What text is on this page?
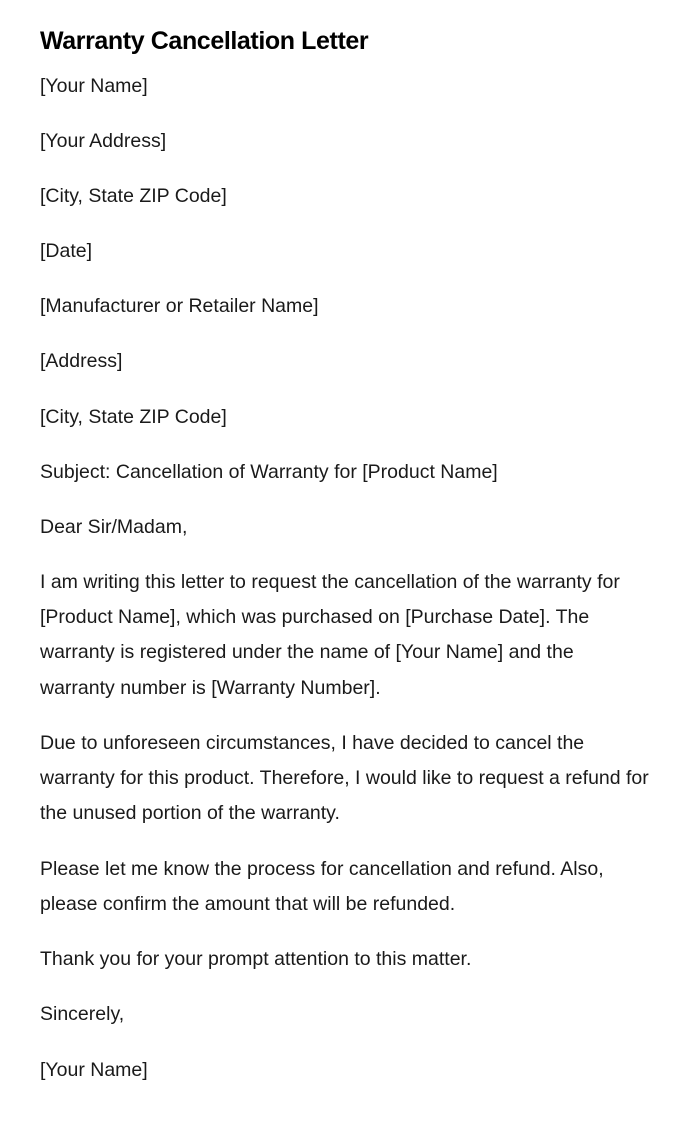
Warranty Cancellation Letter

[Your Name]

[Your Address]

[City, State ZIP Code]

[Date]

[Manufacturer or Retailer Name]

[Address]

[City, State ZIP Code]

Subject: Cancellation of Warranty for [Product Name]

Dear Sir/Madam,

I am writing this letter to request the cancellation of the warranty for [Product Name], which was purchased on [Purchase Date]. The warranty is registered under the name of [Your Name] and the warranty number is [Warranty Number].

Due to unforeseen circumstances, I have decided to cancel the warranty for this product. Therefore, I would like to request a refund for the unused portion of the warranty.

Please let me know the process for cancellation and refund. Also, please confirm the amount that will be refunded.

Thank you for your prompt attention to this matter.

Sincerely,

[Your Name]
